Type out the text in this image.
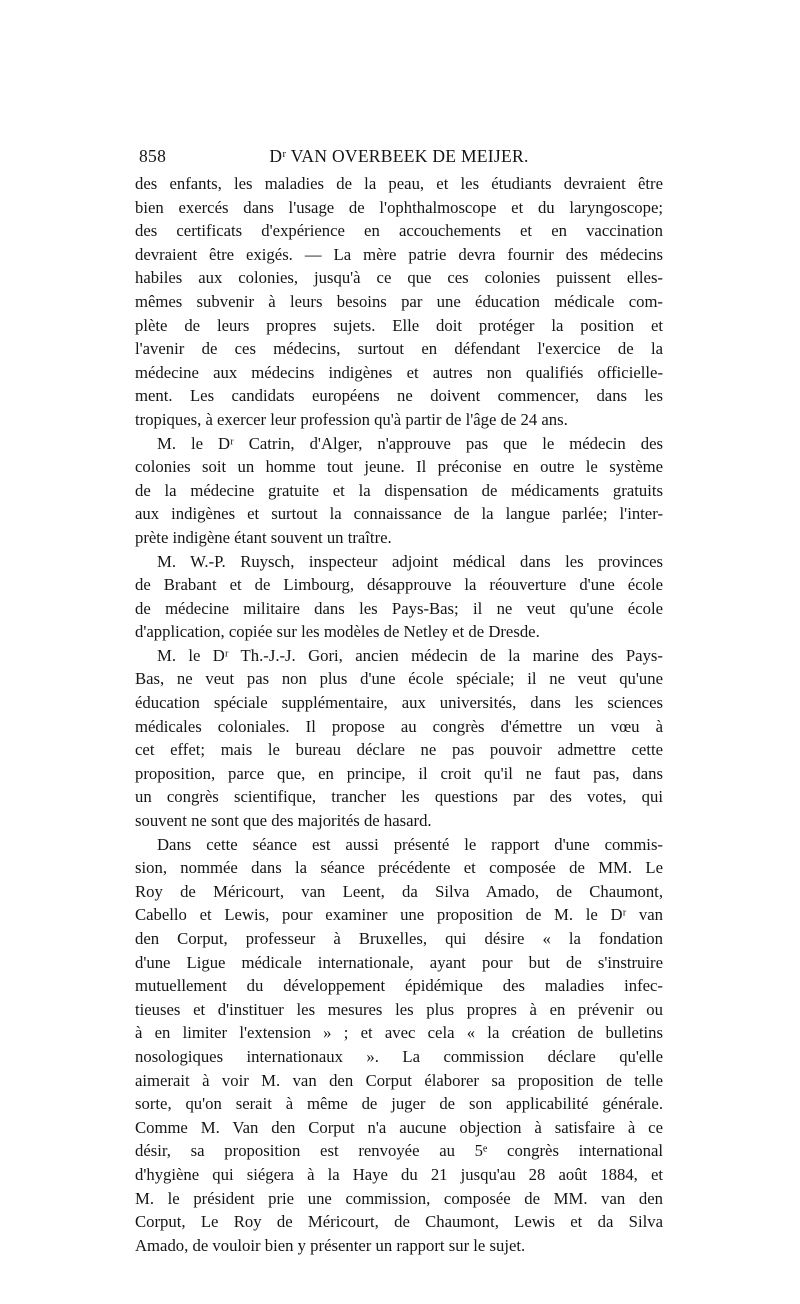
858	Dʳ VAN OVERBEEK DE MEIJER.
des enfants, les maladies de la peau, et les étudiants devraient être
bien exercés dans l'usage de l'ophthalmoscope et du laryngoscope;
des certificats d'expérience en accouchements et en vaccination
devraient être exigés. — La mère patrie devra fournir des médecins
habiles aux colonies, jusqu'à ce que ces colonies puissent elles-
mêmes subvenir à leurs besoins par une éducation médicale com-
plète de leurs propres sujets. Elle doit protéger la position et
l'avenir de ces médecins, surtout en défendant l'exercice de la
médecine aux médecins indigènes et autres non qualifiés officielle-
ment. Les candidats européens ne doivent commencer, dans les
tropiques, à exercer leur profession qu'à partir de l'âge de 24 ans.
M. le Dʳ Catrin, d'Alger, n'approuve pas que le médecin des
colonies soit un homme tout jeune. Il préconise en outre le système
de la médecine gratuite et la dispensation de médicaments gratuits
aux indigènes et surtout la connaissance de la langue parlée; l'inter-
prète indigène étant souvent un traître.
M. W.-P. Ruysch, inspecteur adjoint médical dans les provinces
de Brabant et de Limbourg, désapprouve la réouverture d'une école
de médecine militaire dans les Pays-Bas; il ne veut qu'une école
d'application, copiée sur les modèles de Netley et de Dresde.
M. le Dʳ Th.-J.-J. Gori, ancien médecin de la marine des Pays-
Bas, ne veut pas non plus d'une école spéciale; il ne veut qu'une
éducation spéciale supplémentaire, aux universités, dans les sciences
médicales coloniales. Il propose au congrès d'émettre un vœu à
cet effet; mais le bureau déclare ne pas pouvoir admettre cette
proposition, parce que, en principe, il croit qu'il ne faut pas, dans
un congrès scientifique, trancher les questions par des votes, qui
souvent ne sont que des majorités de hasard.
Dans cette séance est aussi présenté le rapport d'une commis-
sion, nommée dans la séance précédente et composée de MM. Le
Roy de Méricourt, van Leent, da Silva Amado, de Chaumont,
Cabello et Lewis, pour examiner une proposition de M. le Dʳ van
den Corput, professeur à Bruxelles, qui désire « la fondation
d'une Ligue médicale internationale, ayant pour but de s'instruire
mutuellement du développement épidémique des maladies infec-
tieuses et d'instituer les mesures les plus propres à en prévenir ou
à en limiter l'extension » ; et avec cela « la création de bulletins
nosologiques internationaux ». La commission déclare qu'elle
aimerait à voir M. van den Corput élaborer sa proposition de telle
sorte, qu'on serait à même de juger de son applicabilité générale.
Comme M. Van den Corput n'a aucune objection à satisfaire à ce
désir, sa proposition est renvoyée au 5ᵉ congrès international
d'hygiène qui siégera à la Haye du 21 jusqu'au 28 août 1884, et
M. le président prie une commission, composée de MM. van den
Corput, Le Roy de Méricourt, de Chaumont, Lewis et da Silva
Amado, de vouloir bien y présenter un rapport sur le sujet.
